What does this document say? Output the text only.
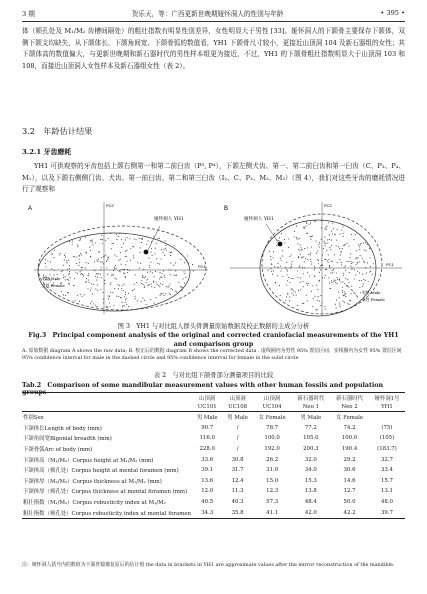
3 期	贺乐天，等：广西更新世晚期娅怀洞人的性别与年龄	• 395 •
体（颏孔处及 M₁/M₂ 齿槽间隔处）的粗壮指数有明显性别差异，女性明显大于男性 [33]。娅怀洞人的下颌骨主要保存下颌体，双侧下颌支均缺失，从下颌体长、下颌角间宽、下颌骨弧的数值看，YH1 下颌骨尺寸较小，更接近山顶洞 104 及新石器组的女性；其下颌体高的数值偏大，与更新世晚期和新石器时代的男性样本组更为接近，不过，YH1 的下颌骨粗壮指数明显大于山顶洞 103 和 108，而接近山顶洞人女性样本及新石器组女性（表 2）。
3.2　年龄估计结果
3.2.1 牙齿磨耗
YH1 可供观察的牙齿包括上颌右侧第一和第二前臼齿（P³, P⁴），下颌左侧犬齿、第一、第二前臼齿和第一臼齿（C、P₃、P₄、M₁），以及下颌右侧侧门齿、犬齿、第一前臼齿、第二和第三臼齿（I₂、C、P₃、M₂、M₃）（图 4），我们对这些牙齿的磨耗情况进行了观察和
A
娅怀洞人 YH1
PC1
PC2
男性 Male
女性 Female
B
娅怀洞人 YH1
PC1
PC2
男性 Male
女性 Female
图 3　YH1 与对比组人群头骨测量原始数据及校正数据的主成分分析
Fig.3　Principal component analysis of the original and corrected craniofacial measurements of the YH1 and comparison group
A. 原始数据 diagram A shows the raw data; B. 校正后的数据 diagram B shows the corrected data . 虚线圈内为男性 95% 置信区间，实线圈内为女性 95% 置信区间 95% confidence interval for male in the dashed circle and 95% confidence interval for female in the solid circle
表 2　与对比组下颌骨部分测量项目的比较
Tab.2　Comparison of some mandibular measurement values with other human fossils and population groups
	山顶洞	山顶洞	山顶洞	新石器时代	新石器时代	娅怀洞1号
	UC101	UC108	UC104	Neo 1	Neo 2	YH1
性别Sex	男 Male	男 Male	女 Female	男 Male	女 Female	
下颌体长Length of body (mm)	90.7	/	78.7	77.2	74.2	(75)
下颌角间宽Bigonial breadth (mm)	116.0	/	100.0	105.0	100.0	(105)
下颌骨弧Arc of body (mm)	228.0	/	192.0	200.3	190.4	(183.7)
下颌体高（M₁/M₂）Corpus height at M₁/M₂ (mm)	33.6	30.8	26.2	32.0	29.2	32.7
下颌体高（颏孔处）Corpus height at mental foramen (mm)	39.1	31.7	31.0	34.0	30.6	33.4
下颌体厚（M₁/M₂）Corpus thickness at M₁/M₂ (mm)	13.6	12.4	15.0	15.3	14.6	15.7
下颌体厚（颏孔处）Corpus thickness at mental foramen (mm)	12.0	11.3	12.3	13.8	12.7	13.1
粗壮指数（M₁/M₂）Corpus robusticity index at M₁/M₂	40.5	40.3	57.3	48.4	50.0	48.0
粗壮指数（颏孔处）Corpus robusticity index at mental foramen	34.3	35.8	41.1	42.0	42.2	39.7
注：娅怀洞人括号内的数值为下颌骨镜像复原后的估计值 the data in brackets in YH1 are approximate values after the mirror reconstruction of the mandible.
